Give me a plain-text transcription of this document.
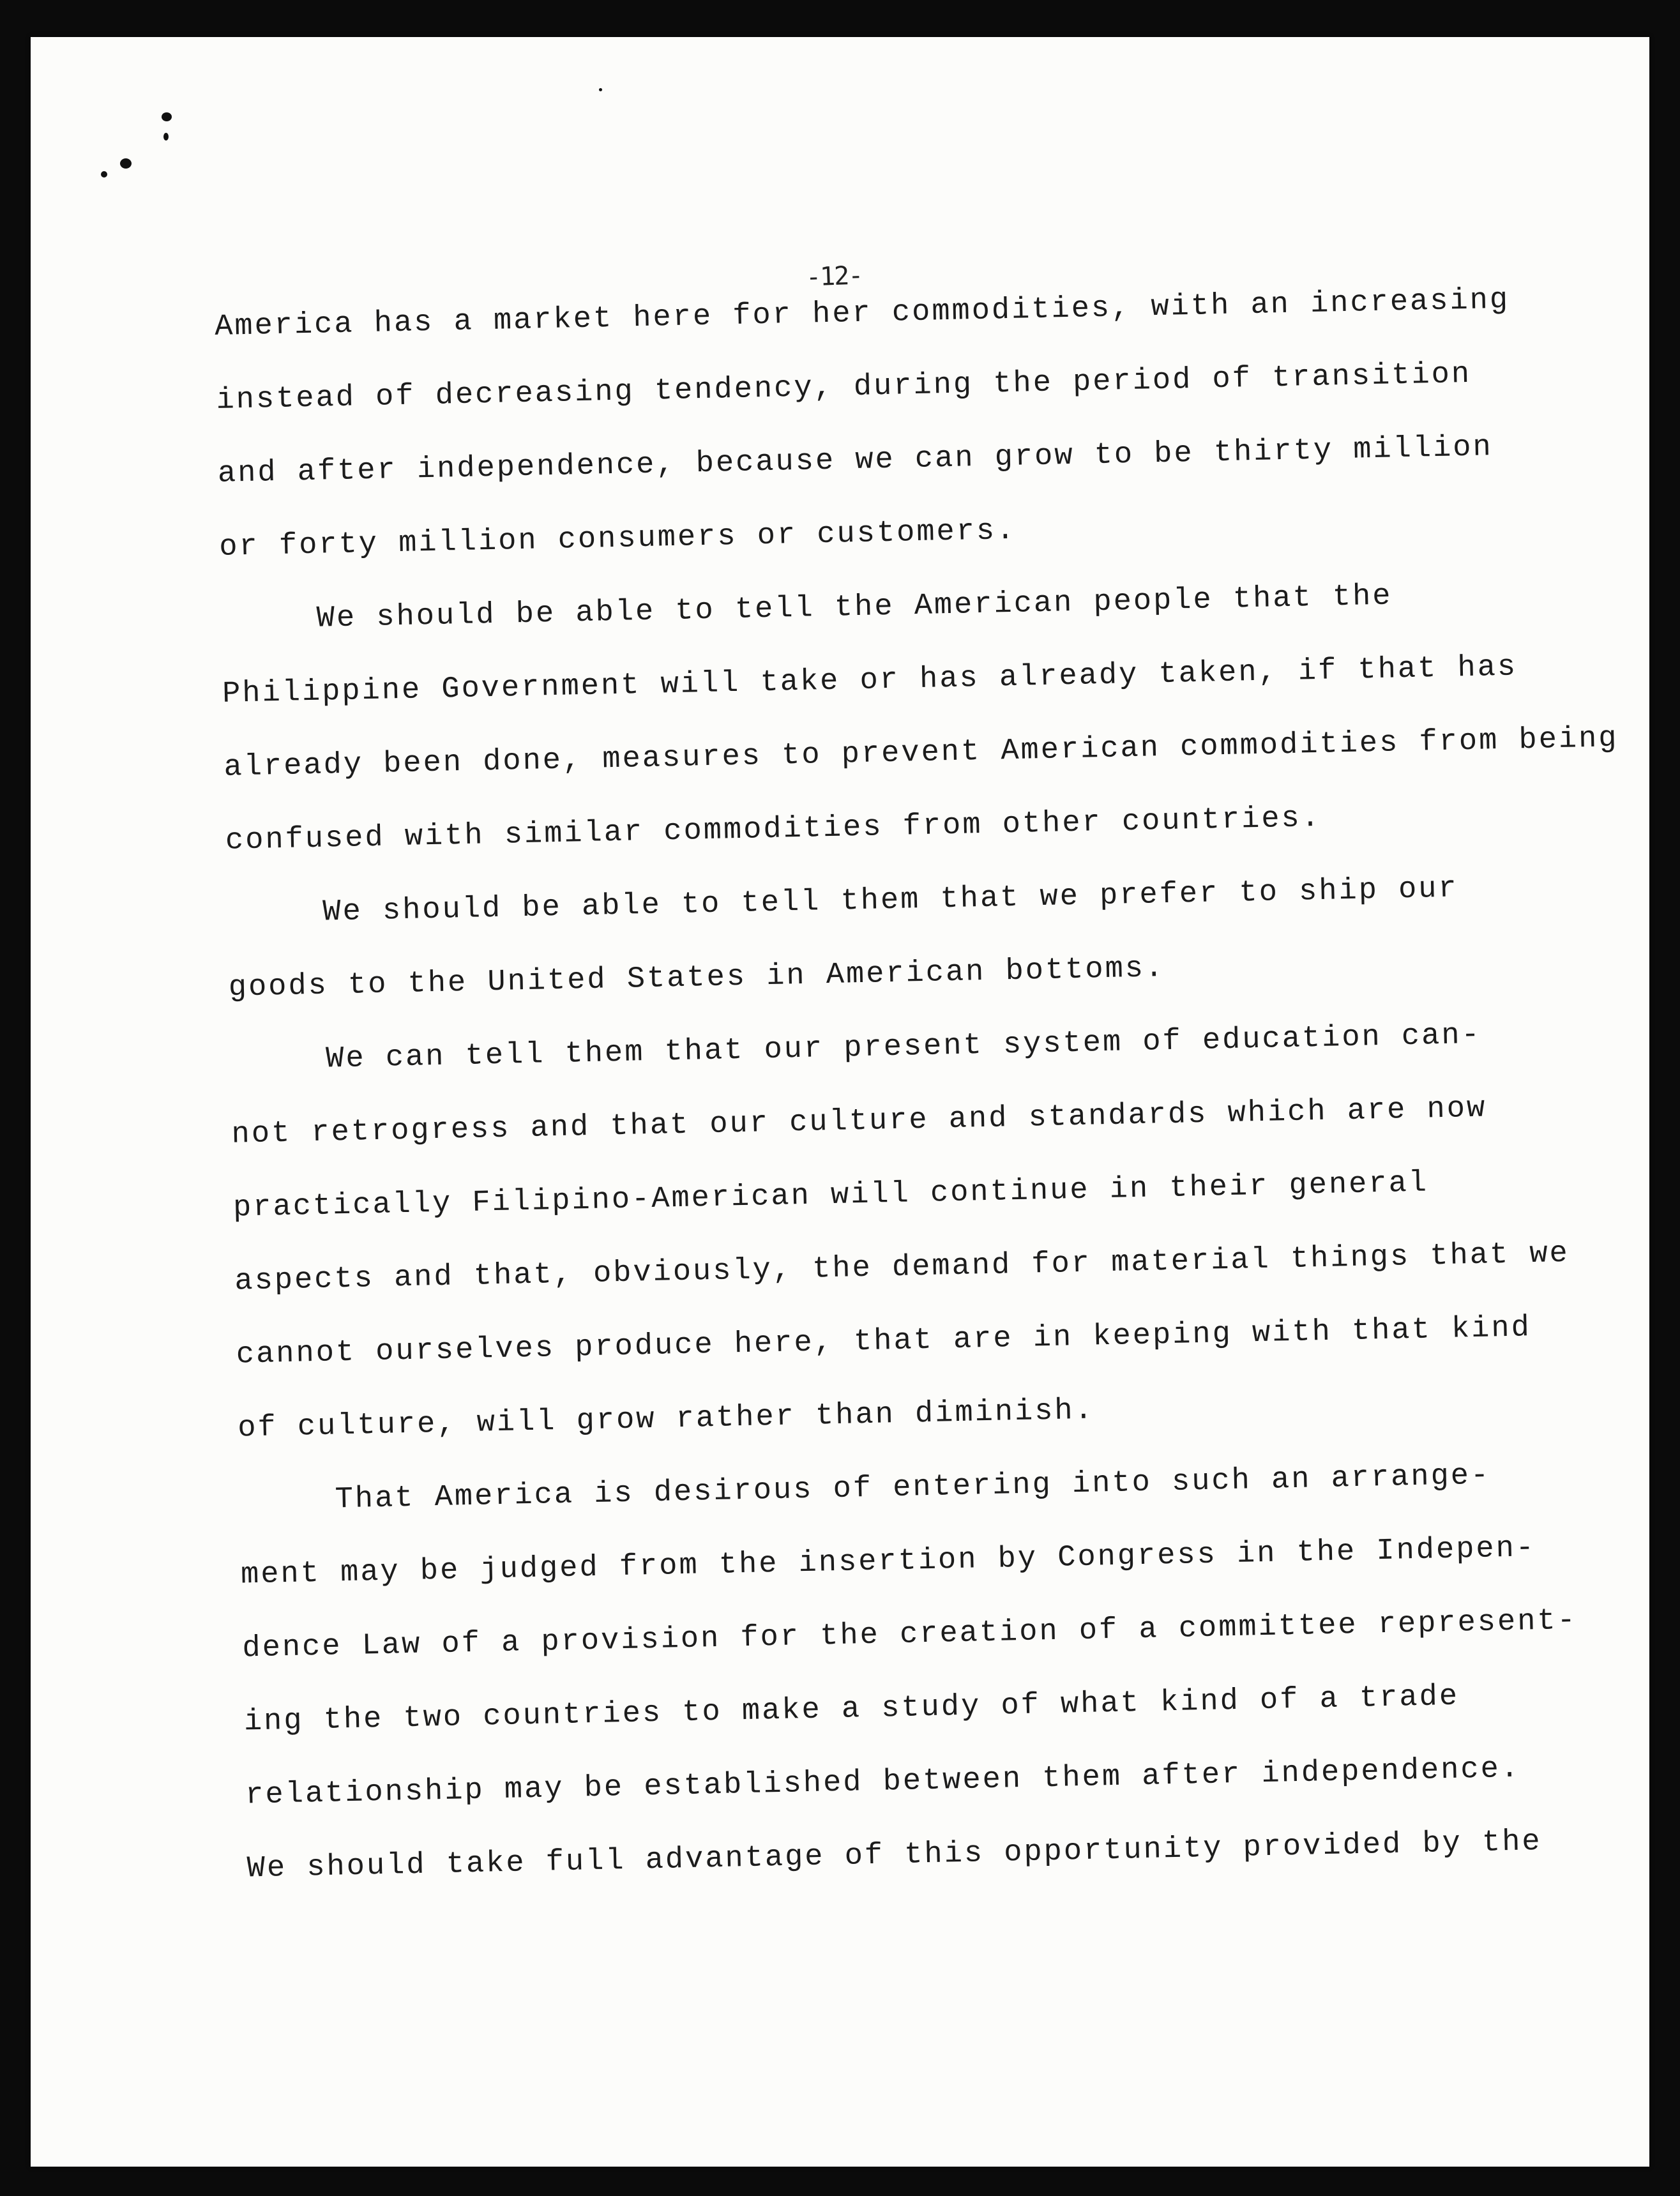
-12-
America has a market here for her commodities, with an increasing
instead of decreasing tendency, during the period of transition
and after independence, because we can grow to be thirty million
or forty million consumers or customers.
We should be able to tell the American people that the
Philippine Government will take or has already taken, if that has
already been done, measures to prevent American commodities from being
confused with similar commodities from other countries.
We should be able to tell them that we prefer to ship our
goods to the United States in American bottoms.
We can tell them that our present system of education can-
not retrogress and that our culture and standards which are now
practically Filipino-American will continue in their general
aspects and that, obviously, the demand for material things that we
cannot ourselves produce here, that are in keeping with that kind
of culture, will grow rather than diminish.
That America is desirous of entering into such an arrange-
ment may be judged from the insertion by Congress in the Indepen-
dence Law of a provision for the creation of a committee represent-
ing the two countries to make a study of what kind of a trade
relationship may be established between them after independence.
We should take full advantage of this opportunity provided by the
